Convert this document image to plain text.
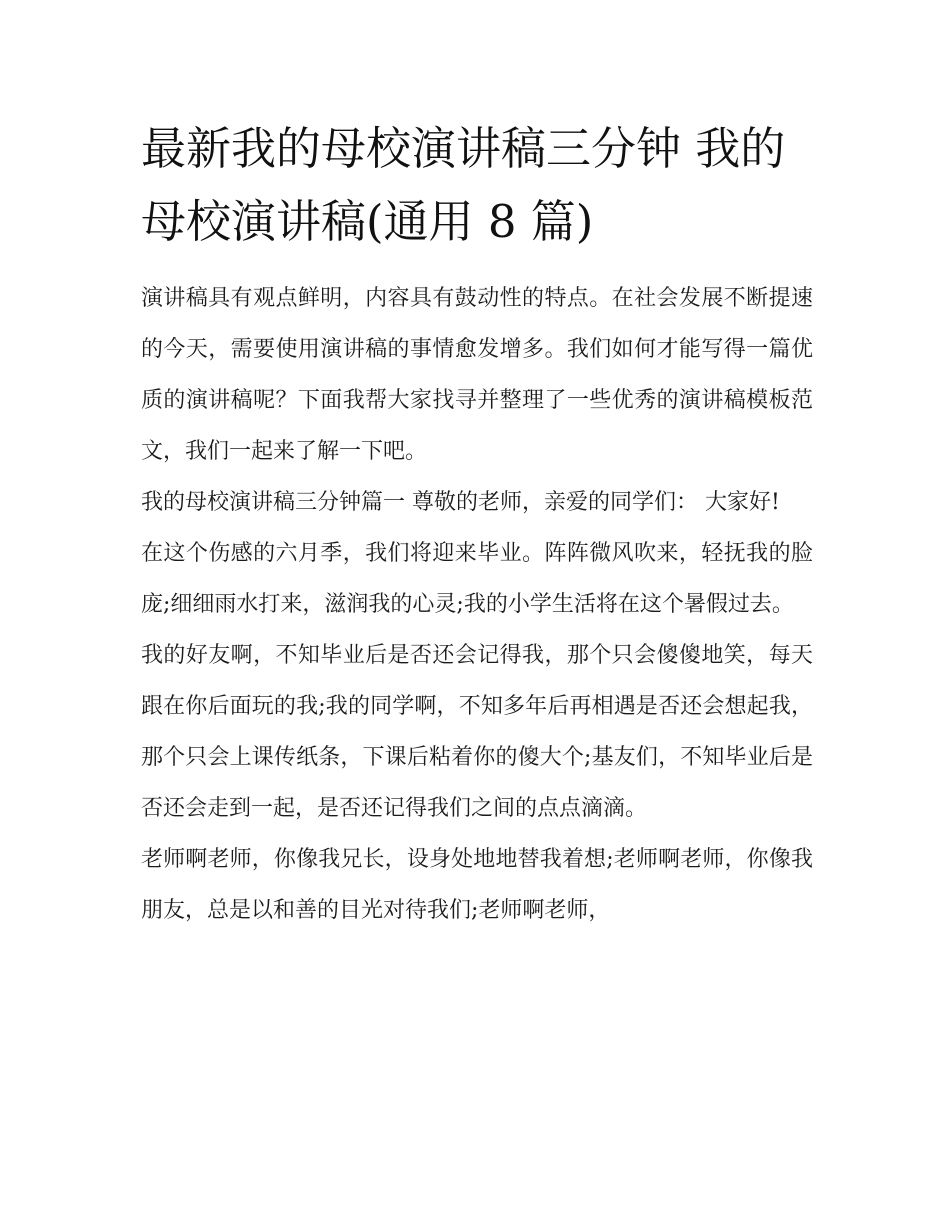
最新我的母校演讲稿三分钟 我的母校演讲稿(通用 8 篇)

演讲稿具有观点鲜明，内容具有鼓动性的特点。在社会发展不断提速的今天，需要使用演讲稿的事情愈发增多。我们如何才能写得一篇优质的演讲稿呢？下面我帮大家找寻并整理了一些优秀的演讲稿模板范文，我们一起来了解一下吧。

我的母校演讲稿三分钟篇一 尊敬的老师，亲爱的同学们： 大家好!

在这个伤感的六月季，我们将迎来毕业。阵阵微风吹来，轻抚我的脸庞;细细雨水打来，滋润我的心灵;我的小学生活将在这个暑假过去。

我的好友啊，不知毕业后是否还会记得我，那个只会傻傻地笑，每天跟在你后面玩的我;我的同学啊，不知多年后再相遇是否还会想起我，那个只会上课传纸条，下课后粘着你的傻大个;基友们，不知毕业后是否还会走到一起，是否还记得我们之间的点点滴滴。

老师啊老师，你像我兄长，设身处地地替我着想;老师啊老师，你像我朋友，总是以和善的目光对待我们;老师啊老师，
